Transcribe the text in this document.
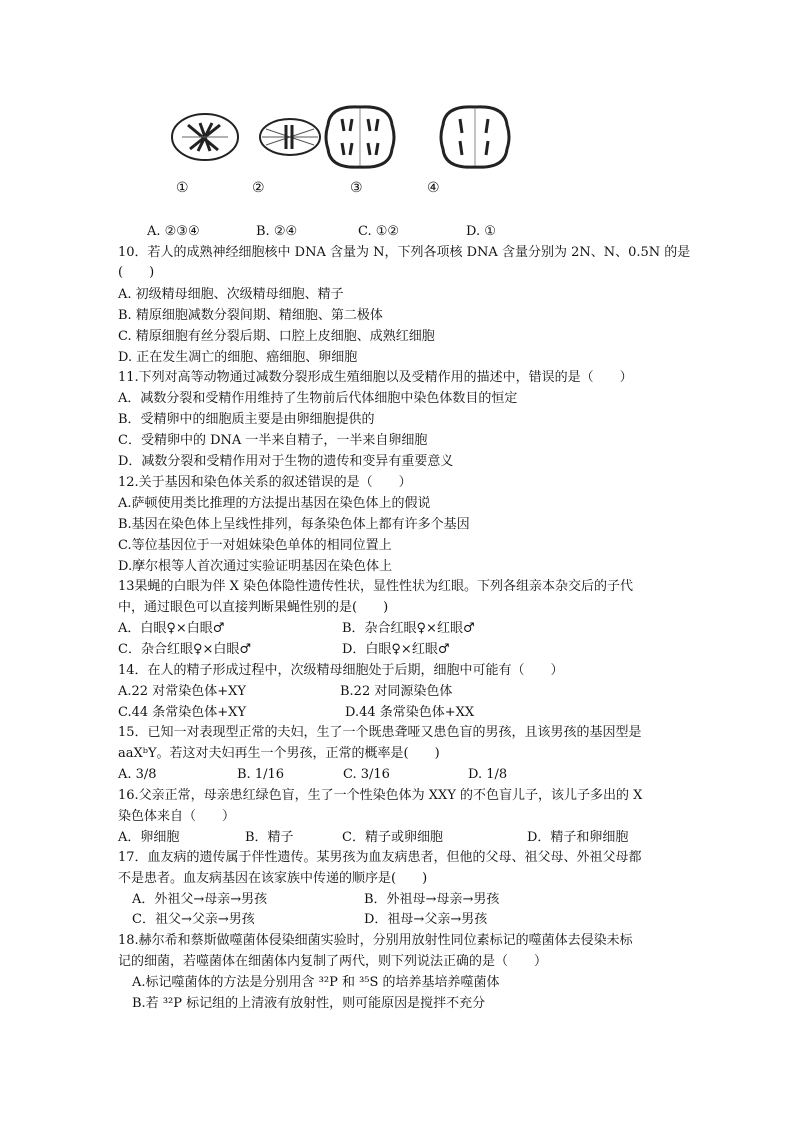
①	②	③	④
A. ②③④	B. ②④	C. ①②	D. ①
10．若人的成熟神经细胞核中 DNA 含量为 N，下列各项核 DNA 含量分别为 2N、N、0.5N 的是
(　　)
A. 初级精母细胞、次级精母细胞、精子
B. 精原细胞减数分裂间期、精细胞、第二极体
C. 精原细胞有丝分裂后期、口腔上皮细胞、成熟红细胞
D. 正在发生凋亡的细胞、癌细胞、卵细胞
11.下列对高等动物通过减数分裂形成生殖细胞以及受精作用的描述中，错误的是（　　）
A．减数分裂和受精作用维持了生物前后代体细胞中染色体数目的恒定
B．受精卵中的细胞质主要是由卵细胞提供的
C．受精卵中的 DNA 一半来自精子，一半来自卵细胞
D．减数分裂和受精作用对于生物的遗传和变异有重要意义
12.关于基因和染色体关系的叙述错误的是（　　）
A.萨顿使用类比推理的方法提出基因在染色体上的假说
B.基因在染色体上呈线性排列，每条染色体上都有许多个基因
C.等位基因位于一对姐妹染色单体的相同位置上
D.摩尔根等人首次通过实验证明基因在染色体上
13果蝇的白眼为伴 X 染色体隐性遗传性状，显性性状为红眼。下列各组亲本杂交后的子代
中，通过眼色可以直接判断果蝇性别的是(　　)
A．白眼♀×白眼♂	B．杂合红眼♀×红眼♂
C．杂合红眼♀×白眼♂	D．白眼♀×红眼♂
14．在人的精子形成过程中，次级精母细胞处于后期，细胞中可能有（　　）
A.22 对常染色体+XY	B.22 对同源染色体
C.44 条常染色体+XY	D.44 条常染色体+XX
15．已知一对表现型正常的夫妇，生了一个既患聋哑又患色盲的男孩，且该男孩的基因型是
aaXᵇY。若这对夫妇再生一个男孩，正常的概率是(　　)
A. 3/8	B. 1/16	C. 3/16	D. 1/8
16.父亲正常，母亲患红绿色盲，生了一个性染色体为 XXY 的不色盲儿子，该儿子多出的 X
染色体来自（　　）
A．卵细胞	B．精子	C．精子或卵细胞	D．精子和卵细胞
17．血友病的遗传属于伴性遗传。某男孩为血友病患者，但他的父母、祖父母、外祖父母都
不是患者。血友病基因在该家族中传递的顺序是(　　)
A．外祖父→母亲→男孩	B．外祖母→母亲→男孩
C．祖父→父亲→男孩	D．祖母→父亲→男孩
18.赫尔希和蔡斯做噬菌体侵染细菌实验时，分别用放射性同位素标记的噬菌体去侵染未标
记的细菌，若噬菌体在细菌体内复制了两代，则下列说法正确的是（　　）
A.标记噬菌体的方法是分别用含 ³²P 和 ³⁵S 的培养基培养噬菌体
B.若 ³²P 标记组的上清液有放射性，则可能原因是搅拌不充分
